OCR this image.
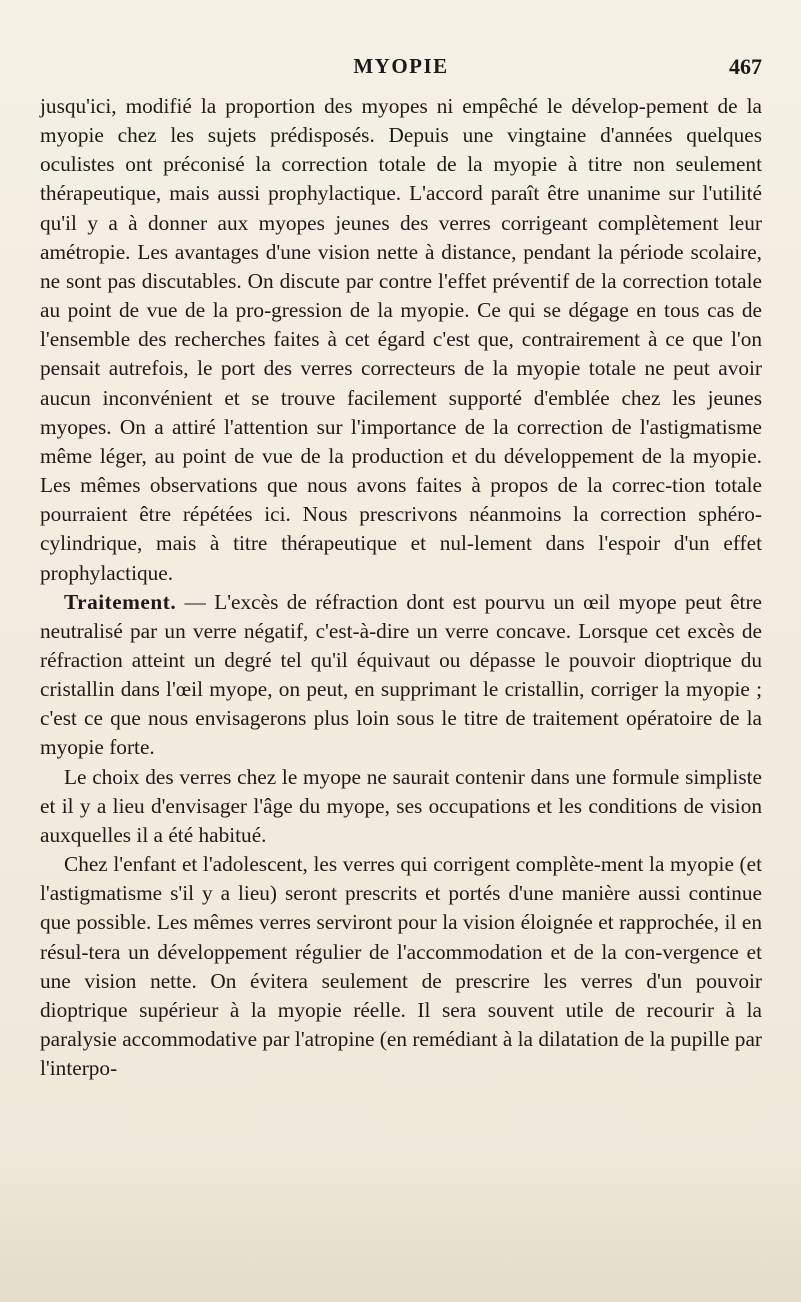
MYOPIE	467

jusqu'ici, modifié la proportion des myopes ni empêché le dévelop-pement de la myopie chez les sujets prédisposés. Depuis une vingtaine d'années quelques oculistes ont préconisé la correction totale de la myopie à titre non seulement thérapeutique, mais aussi prophylactique. L'accord paraît être unanime sur l'utilité qu'il y a à donner aux myopes jeunes des verres corrigeant complètement leur amétropie. Les avantages d'une vision nette à distance, pendant la période scolaire, ne sont pas discutables. On discute par contre l'effet préventif de la correction totale au point de vue de la pro-gression de la myopie. Ce qui se dégage en tous cas de l'ensemble des recherches faites à cet égard c'est que, contrairement à ce que l'on pensait autrefois, le port des verres correcteurs de la myopie totale ne peut avoir aucun inconvénient et se trouve facilement supporté d'emblée chez les jeunes myopes. On a attiré l'attention sur l'importance de la correction de l'astigmatisme même léger, au point de vue de la production et du développement de la myopie. Les mêmes observations que nous avons faites à propos de la correc-tion totale pourraient être répétées ici. Nous prescrivons néanmoins la correction sphéro-cylindrique, mais à titre thérapeutique et nul-lement dans l'espoir d'un effet prophylactique.

Traitement. — L'excès de réfraction dont est pourvu un œil myope peut être neutralisé par un verre négatif, c'est-à-dire un verre concave. Lorsque cet excès de réfraction atteint un degré tel qu'il équivaut ou dépasse le pouvoir dioptrique du cristallin dans l'œil myope, on peut, en supprimant le cristallin, corriger la myopie ; c'est ce que nous envisagerons plus loin sous le titre de traitement opératoire de la myopie forte.

Le choix des verres chez le myope ne saurait contenir dans une formule simpliste et il y a lieu d'envisager l'âge du myope, ses occupations et les conditions de vision auxquelles il a été habitué.

Chez l'enfant et l'adolescent, les verres qui corrigent complète-ment la myopie (et l'astigmatisme s'il y a lieu) seront prescrits et portés d'une manière aussi continue que possible. Les mêmes verres serviront pour la vision éloignée et rapprochée, il en résul-tera un développement régulier de l'accommodation et de la con-vergence et une vision nette. On évitera seulement de prescrire les verres d'un pouvoir dioptrique supérieur à la myopie réelle. Il sera souvent utile de recourir à la paralysie accommodative par l'atropine (en remédiant à la dilatation de la pupille par l'interpo-
